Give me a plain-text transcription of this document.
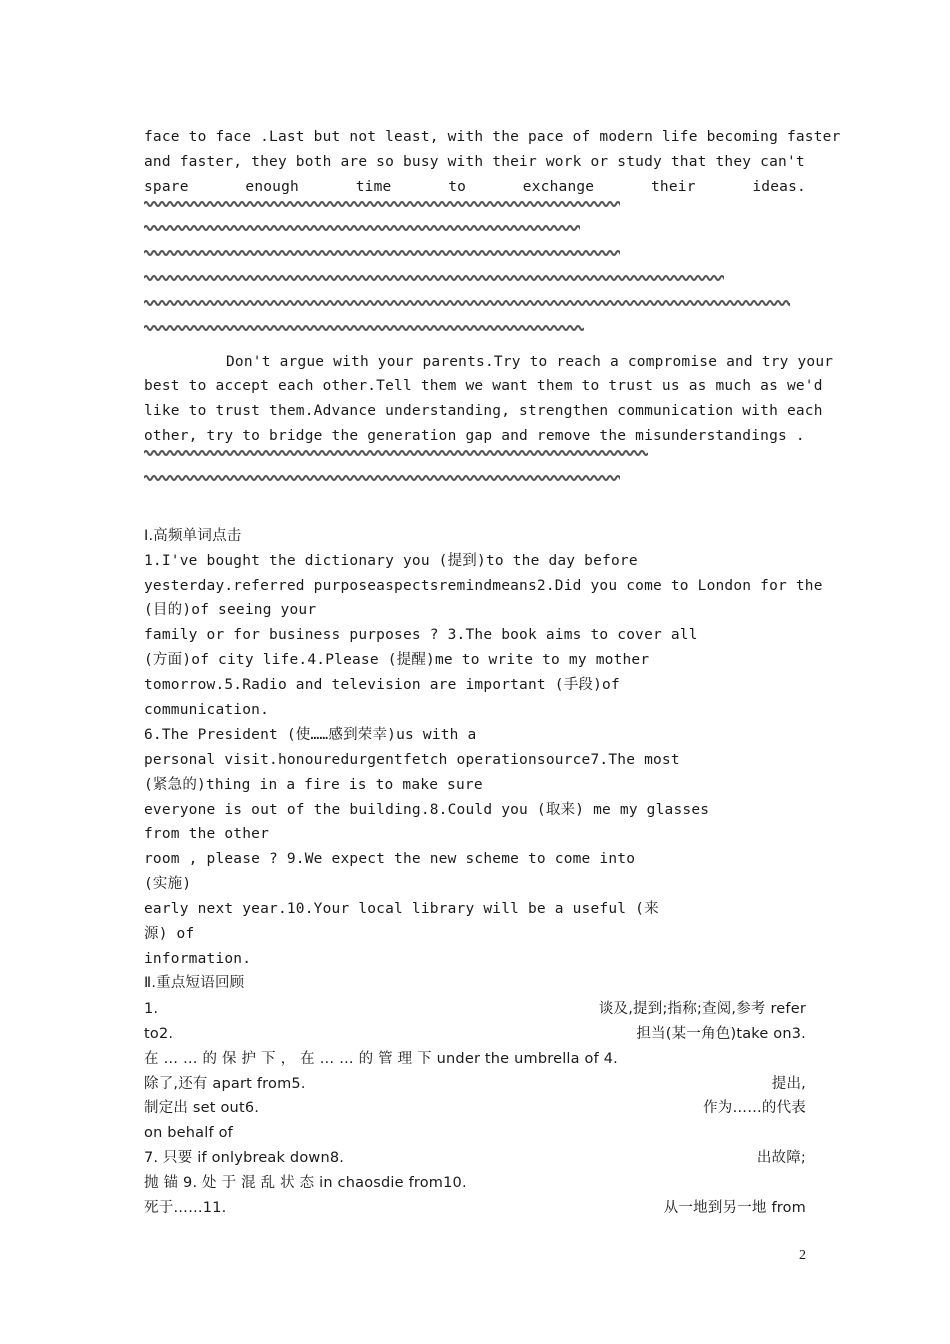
face to face .Last but not least, with the pace of modern life becoming faster
and faster, they both are so busy with their work or study that they can't
spare	enough	time	to	exchange	their	ideas.
Don't argue with your parents.Try to reach a compromise and try your
best to accept each other.Tell them we want them to trust us as much as we'd
like to trust them.Advance understanding, strengthen communication with each
other, try to bridge the generation gap and remove the misunderstandings .
Ⅰ.高频单词点击
1.I've bought the dictionary you (提到)to the day before
yesterday.referred purposeaspectsremindmeans2.Did you come to London for the
(目的)of seeing your
family or for business purposes ? 3.The book aims to cover all
(方面)of city life.4.Please (提醒)me to write to my mother
tomorrow.5.Radio and television are important (手段)of
communication.
6.The President (使……感到荣幸)us with a
personal visit.honouredurgentfetch operationsource7.The most
(紧急的)thing in a fire is to make sure
everyone is out of the building.8.Could you (取来) me my glasses
from the other
room , please ? 9.We expect the new scheme to come into
(实施)
early next year.10.Your local library will be a useful (来
源) of
information.
Ⅱ.重点短语回顾
1.	谈及,提到;指称;查阅,参考 refer
to2.	担当(某一角色)take on3.
在 … … 的 保 护 下 ， 在 … … 的 管 理 下 under the umbrella of 4.
除了,还有 apart from5.	提出,
制定出 set out6.	作为……的代表
on behalf of
7. 只要 if onlybreak down8.	出故障;
抛 锚 9. 处 于 混 乱 状 态 in chaosdie from10.
死于……11.	从一地到另一地 from
2
